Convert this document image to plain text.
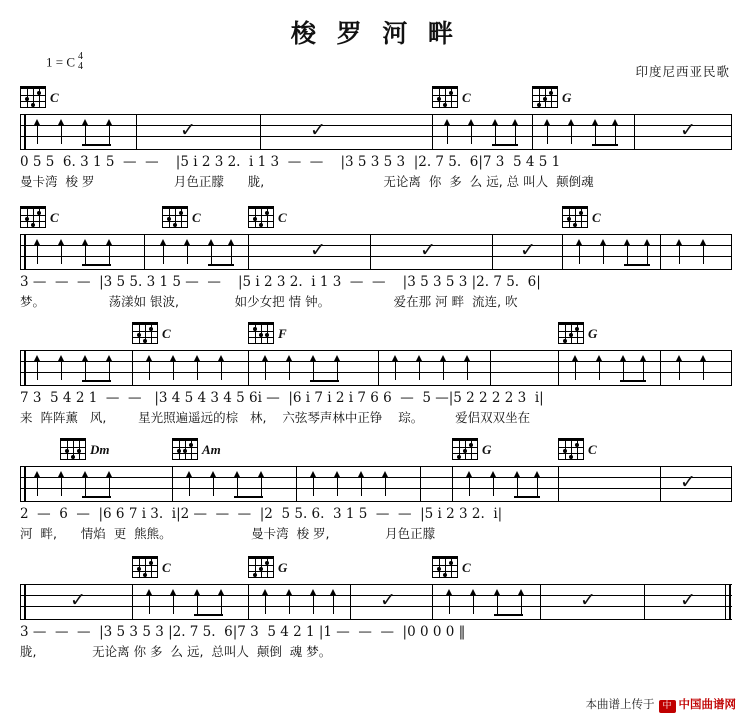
梭 罗 河 畔
1 = C 4
4	印度尼西亚民歌
C	C	G
✓	✓	✓
0 5 5  6. 3 1 5  —  —    |5 i 2 3 2.  i 1 3  —  —    |3 5 3 5 3  |2. 7 5.  6|7 3  5 4 5 1
曼卡湾  梭 罗                    月色正朦      胧,                              无论离  你  多  么 远, 总 叫人  颠倒魂
C	C	C	C
✓	✓	✓
3 —  —  —  |3 5 5. 3 1 5 —  —    |5 i 2 3 2.  i 1 3  —  —    |3 5 3 5 3 |2. 7 5.  6|
梦。                荡漾如 银波,              如少女把 情 钟。                爱在那 河 畔  流连, 吹
C	F	G
7 3  5 4 2 1  —  —   |3 4 5 4 3 4 5 6i —  |6 i 7 i 2 i 7 6 6  —  5 —|5 2 2 2 2 3  i|
来  阵阵薰   风,        星光照遍遥远的棕   林,    六弦琴声林中正铮    琮。        爱侣双双坐在
Dm	Am	G	C
✓
2  —  6  —  |6 6 7 i 3.  i|2 —  —  —  |2  5 5. 6.  3 1 5  —  —  |5 i 2 3 2.  i|
河  畔,      情焰  更  熊熊。                    曼卡湾  梭 罗,              月色正朦
C	G	C
✓	✓	✓	✓
3 —  —  —  |3 5 3 5 3 |2. 7 5.  6|7 3  5 4 2 1 |1 —  —  —  |0 0 0 0 ‖
胧,              无论离 你 多  么 远,  总叫人  颠倒  魂 梦。
本曲谱上传于 中 中国曲谱网
